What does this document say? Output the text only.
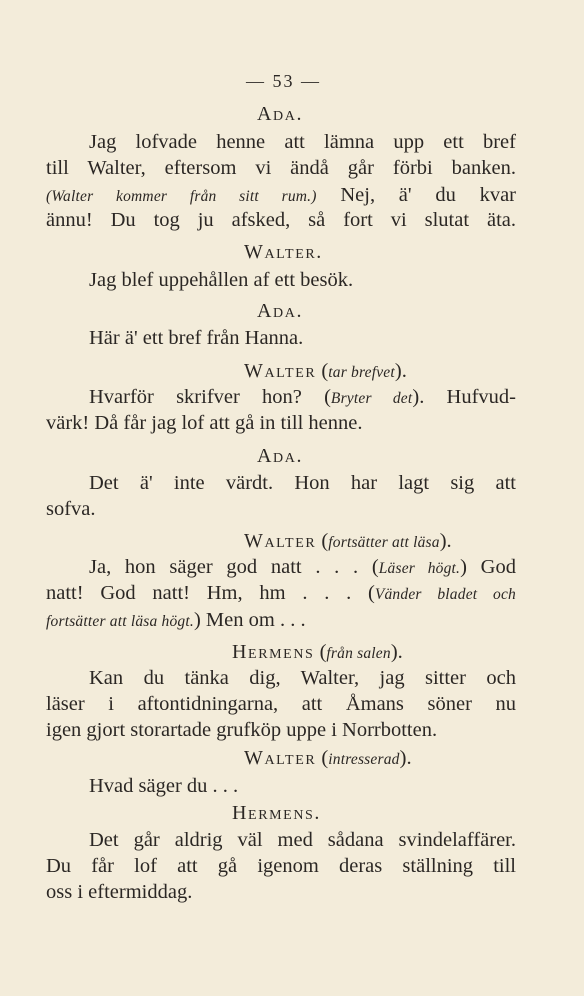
— 53 —
Ada.
Jag lofvade henne att lämna upp ett bref
till Walter, eftersom vi ändå går förbi banken.
(Walter kommer från sitt rum.) Nej, ä' du kvar
ännu! Du tog ju afsked, så fort vi slutat äta.
Walter.
Jag blef uppehållen af ett besök.
Ada.
Här ä' ett bref från Hanna.
Walter (tar brefvet).
Hvarför skrifver hon? (Bryter det). Hufvud-
värk! Då får jag lof att gå in till henne.
Ada.
Det ä' inte värdt. Hon har lagt sig att
sofva.
Walter (fortsätter att läsa).
Ja, hon säger god natt . . . (Läser högt.) God
natt! God natt! Hm, hm . . . (Vänder bladet och
fortsätter att läsa högt.) Men om . . .
Hermens (från salen).
Kan du tänka dig, Walter, jag sitter och
läser i aftontidningarna, att Åmans söner nu
igen gjort storartade grufköp uppe i Norrbotten.
Walter (intresserad).
Hvad säger du . . .
Hermens.
Det går aldrig väl med sådana svindelaffärer.
Du får lof att gå igenom deras ställning till
oss i eftermiddag.
